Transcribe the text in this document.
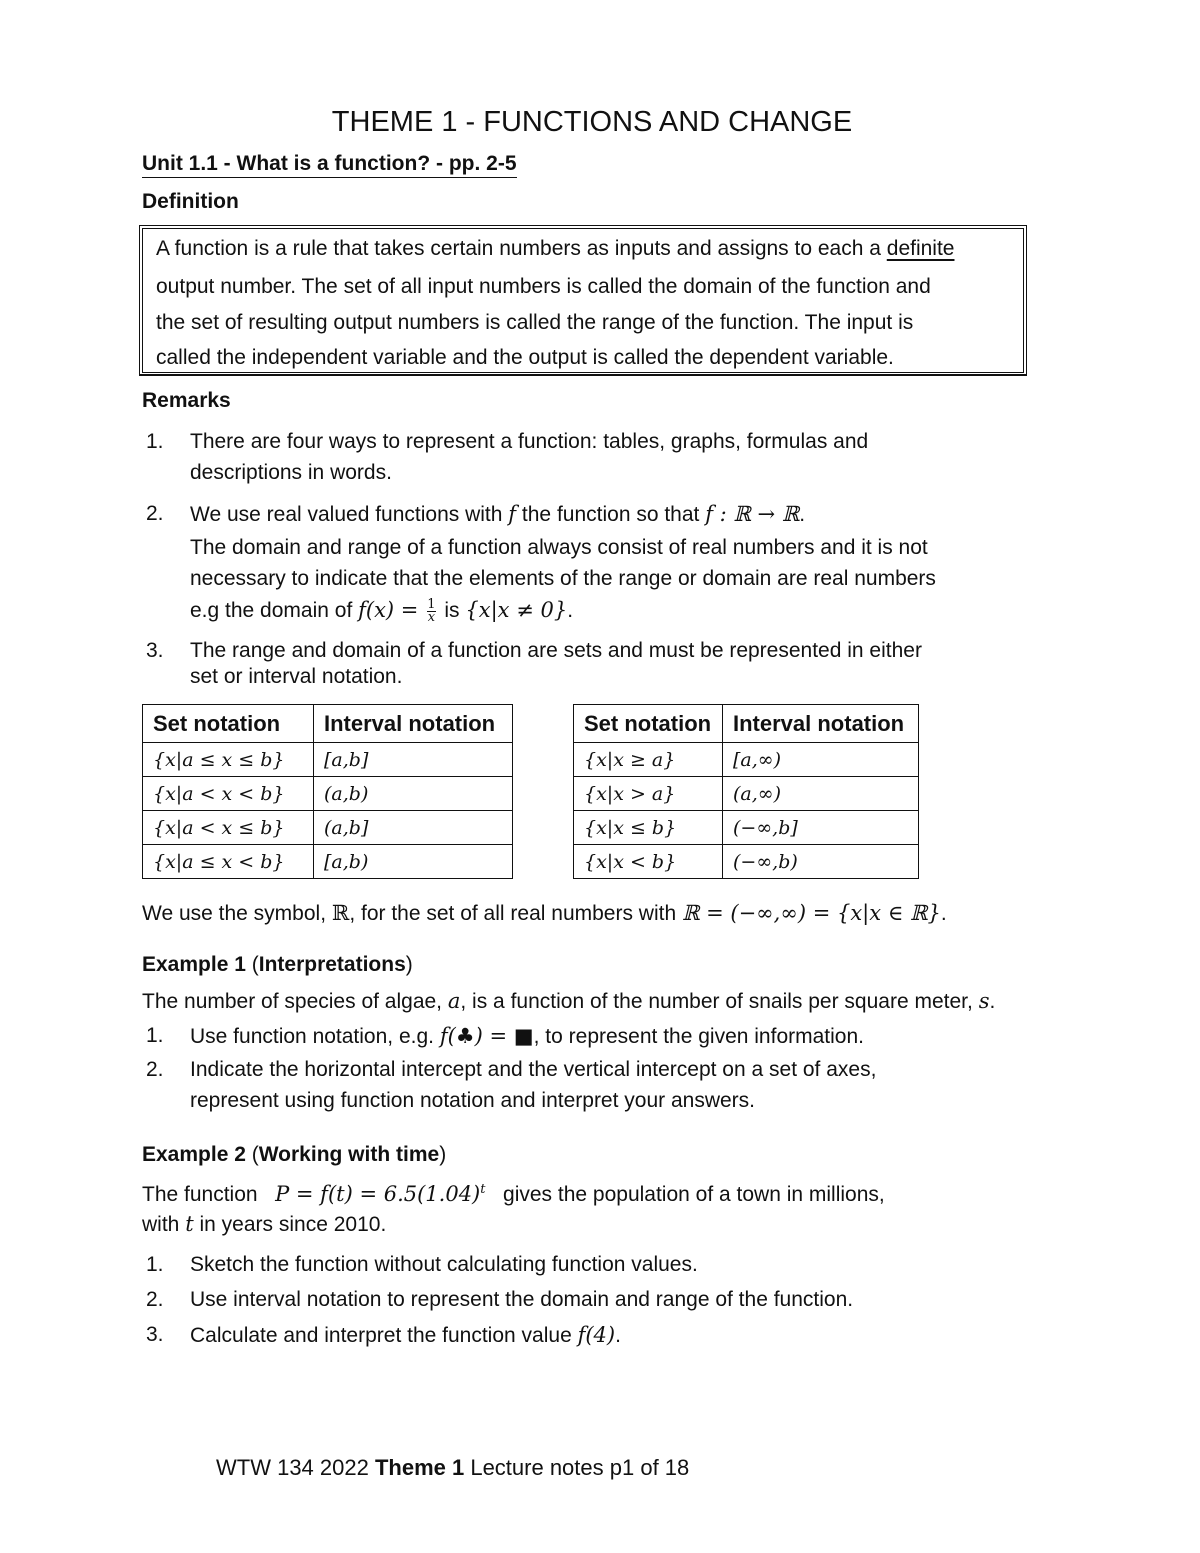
THEME 1 - FUNCTIONS AND CHANGE
Unit 1.1 - What is a function? - pp. 2-5
Definition
A function is a rule that takes certain numbers as inputs and assigns to each a definite
output number. The set of all input numbers is called the domain of the function and
the set of resulting output numbers is called the range of the function. The input is
called the independent variable and the output is called the dependent variable.
Remarks
1. There are four ways to represent a function: tables, graphs, formulas and
descriptions in words.
2. We use real valued functions with f the function so that f : ℝ → ℝ.
The domain and range of a function always consist of real numbers and it is not
necessary to indicate that the elements of the range or domain are real numbers
e.g the domain of $f(x) = \frac{1}{x}$ is {x|x ≠ 0}.
3. The range and domain of a function are sets and must be represented in either
set or interval notation.
Set notation	Interval notation
{x|a ≤ x ≤ b}	[a,b]
{x|a < x < b}	(a,b)
{x|a < x ≤ b}	(a,b]
{x|a ≤ x < b}	[a,b)
Set notation	Interval notation
{x|x ≥ a}	[a,∞)
{x|x > a}	(a,∞)
{x|x ≤ b}	(−∞,b]
{x|x < b}	(−∞,b)
We use the symbol, ℝ, for the set of all real numbers with ℝ = (−∞,∞) = {x|x ∈ ℝ}.
Example 1 (Interpretations)
The number of species of algae, a, is a function of the number of snails per square meter, s.
1. Use function notation, e.g. f(♣) = ■, to represent the given information.
2. Indicate the horizontal intercept and the vertical intercept on a set of axes,
represent using function notation and interpret your answers.
Example 2 (Working with time)
The function $P = f(t) = 6.5(1.04)^t$ gives the population of a town in millions,
with t in years since 2010.
1. Sketch the function without calculating function values.
2. Use interval notation to represent the domain and range of the function.
3. Calculate and interpret the function value f(4).
WTW 134 2022 Theme 1 Lecture notes p1 of 18
